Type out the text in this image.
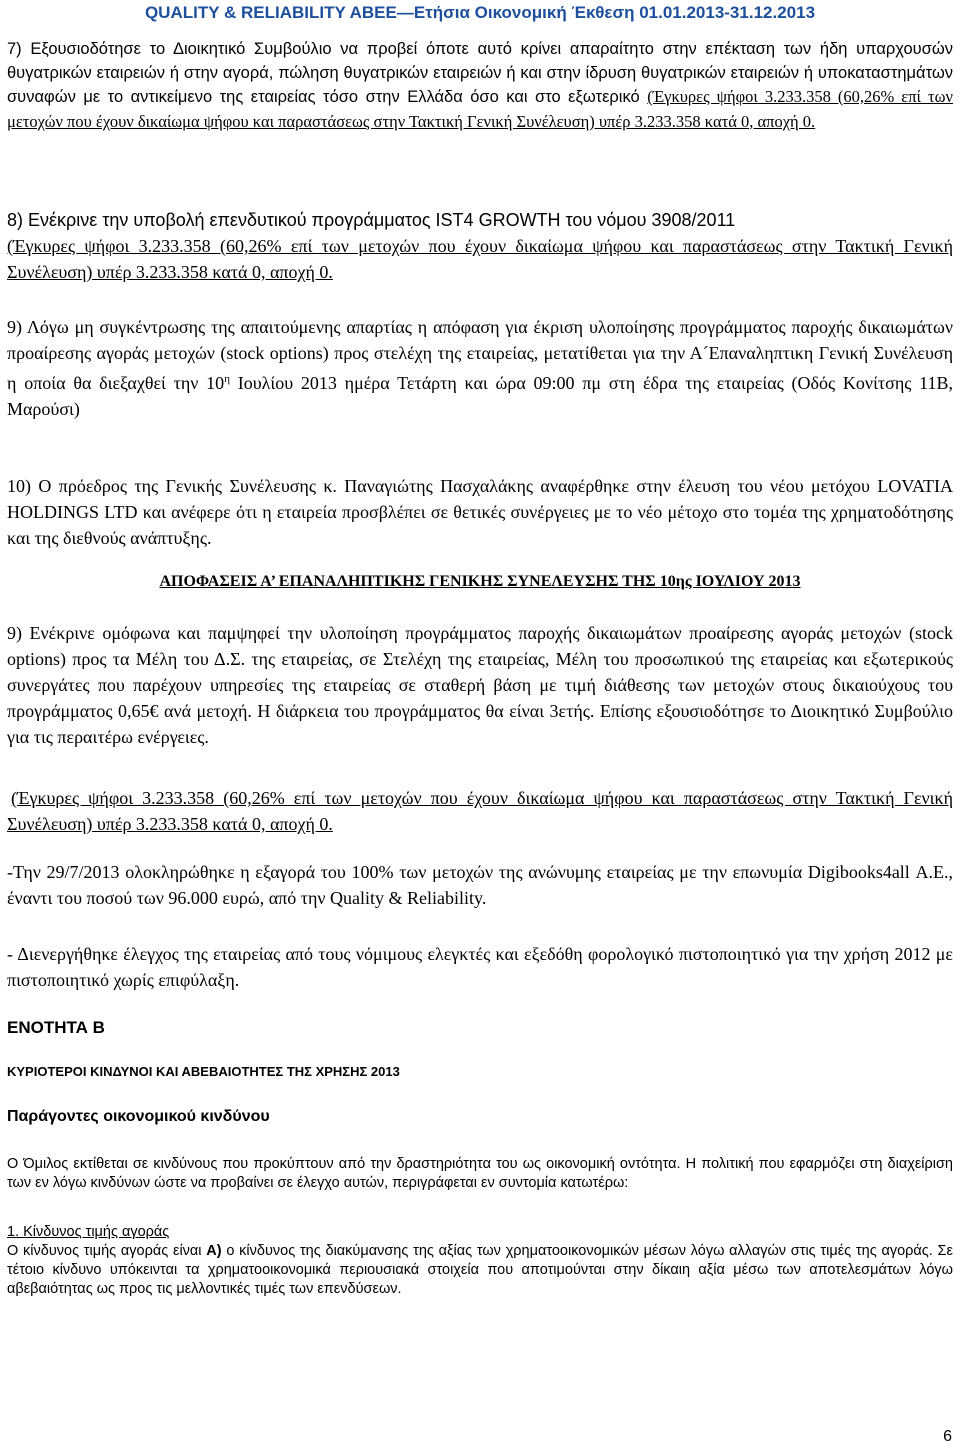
QUALITY & RELIABILITY ABEE—Ετήσια Οικονομική Έκθεση 01.01.2013-31.12.2013

7) Εξουσιοδότησε το Διοικητικό Συμβούλιο να προβεί όποτε αυτό κρίνει απαραίτητο στην επέκταση των ήδη υπαρχουσών θυγατρικών εταιρειών ή στην αγορά, πώληση θυγατρικών εταιρειών ή και στην ίδρυση θυγατρικών εταιρειών ή υποκαταστημάτων συναφών με το αντικείμενο της εταιρείας τόσο στην Ελλάδα όσο και στο εξωτερικό (Έγκυρες ψήφοι 3.233.358 (60,26% επί των μετοχών που έχουν δικαίωμα ψήφου και παραστάσεως στην Τακτική Γενική Συνέλευση) υπέρ 3.233.358 κατά 0, αποχή 0.

8) Ενέκρινε την υποβολή επενδυτικού προγράμματος IST4 GROWTH του νόμου 3908/2011

(Έγκυρες ψήφοι 3.233.358 (60,26% επί των μετοχών που έχουν δικαίωμα ψήφου και παραστάσεως στην Τακτική Γενική Συνέλευση) υπέρ 3.233.358 κατά 0, αποχή 0.

9) Λόγω μη συγκέντρωσης της απαιτούμενης απαρτίας η απόφαση για έκριση υλοποίησης προγράμματος παροχής δικαιωμάτων προαίρεσης αγοράς μετοχών (stock options) προς στελέχη της εταιρείας, μετατίθεται για την Α´Επαναληπτικη Γενική Συνέλευση η οποία θα διεξαχθεί την $10^\eta$ Ιουλίου 2013 ημέρα Τετάρτη και ώρα 09:00 πμ στη έδρα της εταιρείας (Οδός Κονίτσης 11Β, Μαρούσι)

10) Ο πρόεδρος της Γενικής Συνέλευσης κ. Παναγιώτης Πασχαλάκης αναφέρθηκε στην έλευση του νέου μετόχου LOVATIA HOLDINGS LTD και ανέφερε ότι η εταιρεία προσβλέπει σε θετικές συνέργειες με το νέο μέτοχο στο τομέα της χρηματοδότησης και της διεθνούς ανάπτυξης.

ΑΠΟΦΑΣΕΙΣ Α’ ΕΠΑΝΑΛΗΠΤΙΚΗΣ ΓΕΝΙΚΗΣ ΣΥΝΕΛΕΥΣΗΣ ΤΗΣ 10ης ΙΟΥΛΙΟΥ 2013

9) Ενέκρινε ομόφωνα και παμψηφεί την υλοποίηση προγράμματος παροχής δικαιωμάτων προαίρεσης αγοράς μετοχών (stock options) προς τα Μέλη του Δ.Σ. της εταιρείας, σε Στελέχη της εταιρείας, Μέλη του προσωπικού της εταιρείας και εξωτερικούς συνεργάτες που παρέχουν υπηρεσίες της εταιρείας σε σταθερή βάση με τιμή διάθεσης των μετοχών στους δικαιούχους του προγράμματος 0,65€ ανά μετοχή. Η διάρκεια του προγράμματος θα είναι 3ετής. Επίσης εξουσιοδότησε το Διοικητικό Συμβούλιο για τις περαιτέρω ενέργειες.

(Έγκυρες ψήφοι 3.233.358 (60,26% επί των μετοχών που έχουν δικαίωμα ψήφου και παραστάσεως στην Τακτική Γενική Συνέλευση) υπέρ 3.233.358 κατά 0, αποχή 0.

-Την 29/7/2013 ολοκληρώθηκε η εξαγορά του 100% των μετοχών της ανώνυμης εταιρείας με την επωνυμία Digibooks4all Α.Ε., έναντι του ποσού των 96.000 ευρώ, από την Quality & Reliability.

- Διενεργήθηκε έλεγχος της εταιρείας από τους νόμιμους ελεγκτές και εξεδόθη φορολογικό πιστοποιητικό για την χρήση 2012 με πιστοποιητικό χωρίς επιφύλαξη.

ΕΝΟΤΗΤΑ Β
ΚΥΡΙΟΤΕΡΟΙ ΚΙΝΔΥΝΟΙ ΚΑΙ ΑΒΕΒΑΙΟΤΗΤΕΣ ΤΗΣ ΧΡΗΣΗΣ 2013
Παράγοντες οικονομικού κινδύνου

Ο Όμιλος εκτίθεται σε κινδύνους που προκύπτουν από την δραστηριότητα του ως οικονομική οντότητα. Η πολιτική που εφαρμόζει στη διαχείριση των εν λόγω κινδύνων ώστε να προβαίνει σε έλεγχο αυτών, περιγράφεται εν συντομία κατωτέρω:

1. Κίνδυνος τιμής αγοράς

Ο κίνδυνος τιμής αγοράς είναι Α) ο κίνδυνος της διακύμανσης της αξίας των χρηματοοικονομικών μέσων λόγω αλλαγών στις τιμές της αγοράς. Σε τέτοιο κίνδυνο υπόκεινται τα χρηματοοικονομικά περιουσιακά στοιχεία που αποτιμούνται στην δίκαιη αξία μέσω των αποτελεσμάτων λόγω αβεβαιότητας ως προς τις μελλοντικές τιμές των επενδύσεων.

6
